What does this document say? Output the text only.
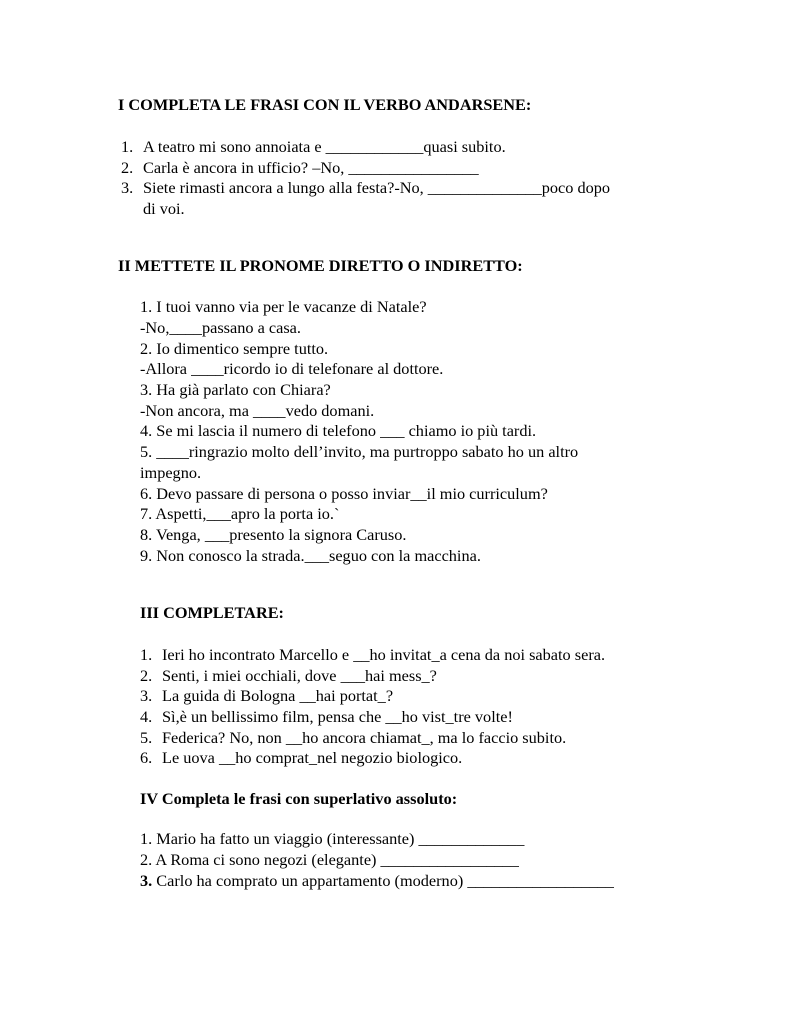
I COMPLETA LE FRASI CON IL VERBO ANDARSENE:

1. A teatro mi sono annoiata e ____________quasi subito.
2. Carla è ancora in ufficio? –No, ________________
3. Siete rimasti ancora a lungo alla festa?-No, ______________poco dopo
di voi.

II METTETE IL PRONOME DIRETTO O INDIRETTO:

1. I tuoi vanno via per le vacanze di Natale?

-No,____passano a casa.

2. Io dimentico sempre tutto.

-Allora ____ricordo io di telefonare al dottore.

3. Ha già parlato con Chiara?

-Non ancora, ma ____vedo domani.

4. Se mi lascia il numero di telefono ___ chiamo io più tardi.

5. ____ringrazio molto dell’invito, ma purtroppo sabato ho un altro

impegno.

6. Devo passare di persona o posso inviar__il mio curriculum?

7. Aspetti,___apro la porta io.`

8. Venga, ___presento la signora Caruso.

9. Non conosco la strada.___seguo con la macchina.

III COMPLETARE:

1. Ieri ho incontrato Marcello e __ho invitat_a cena da noi sabato sera.
2. Senti, i miei occhiali, dove ___hai mess_?
3. La guida di Bologna __hai portat_?
4. Sì,è un bellissimo film, pensa che __ho vist_tre volte!
5. Federica? No, non __ho ancora chiamat_, ma lo faccio subito.
6. Le uova __ho comprat_nel negozio biologico.

IV Completa le frasi con superlativo assoluto:

1. Mario ha fatto un viaggio (interessante) _____________
2. A Roma ci sono negozi (elegante) _________________
3. Carlo ha comprato un appartamento (moderno) __________________
